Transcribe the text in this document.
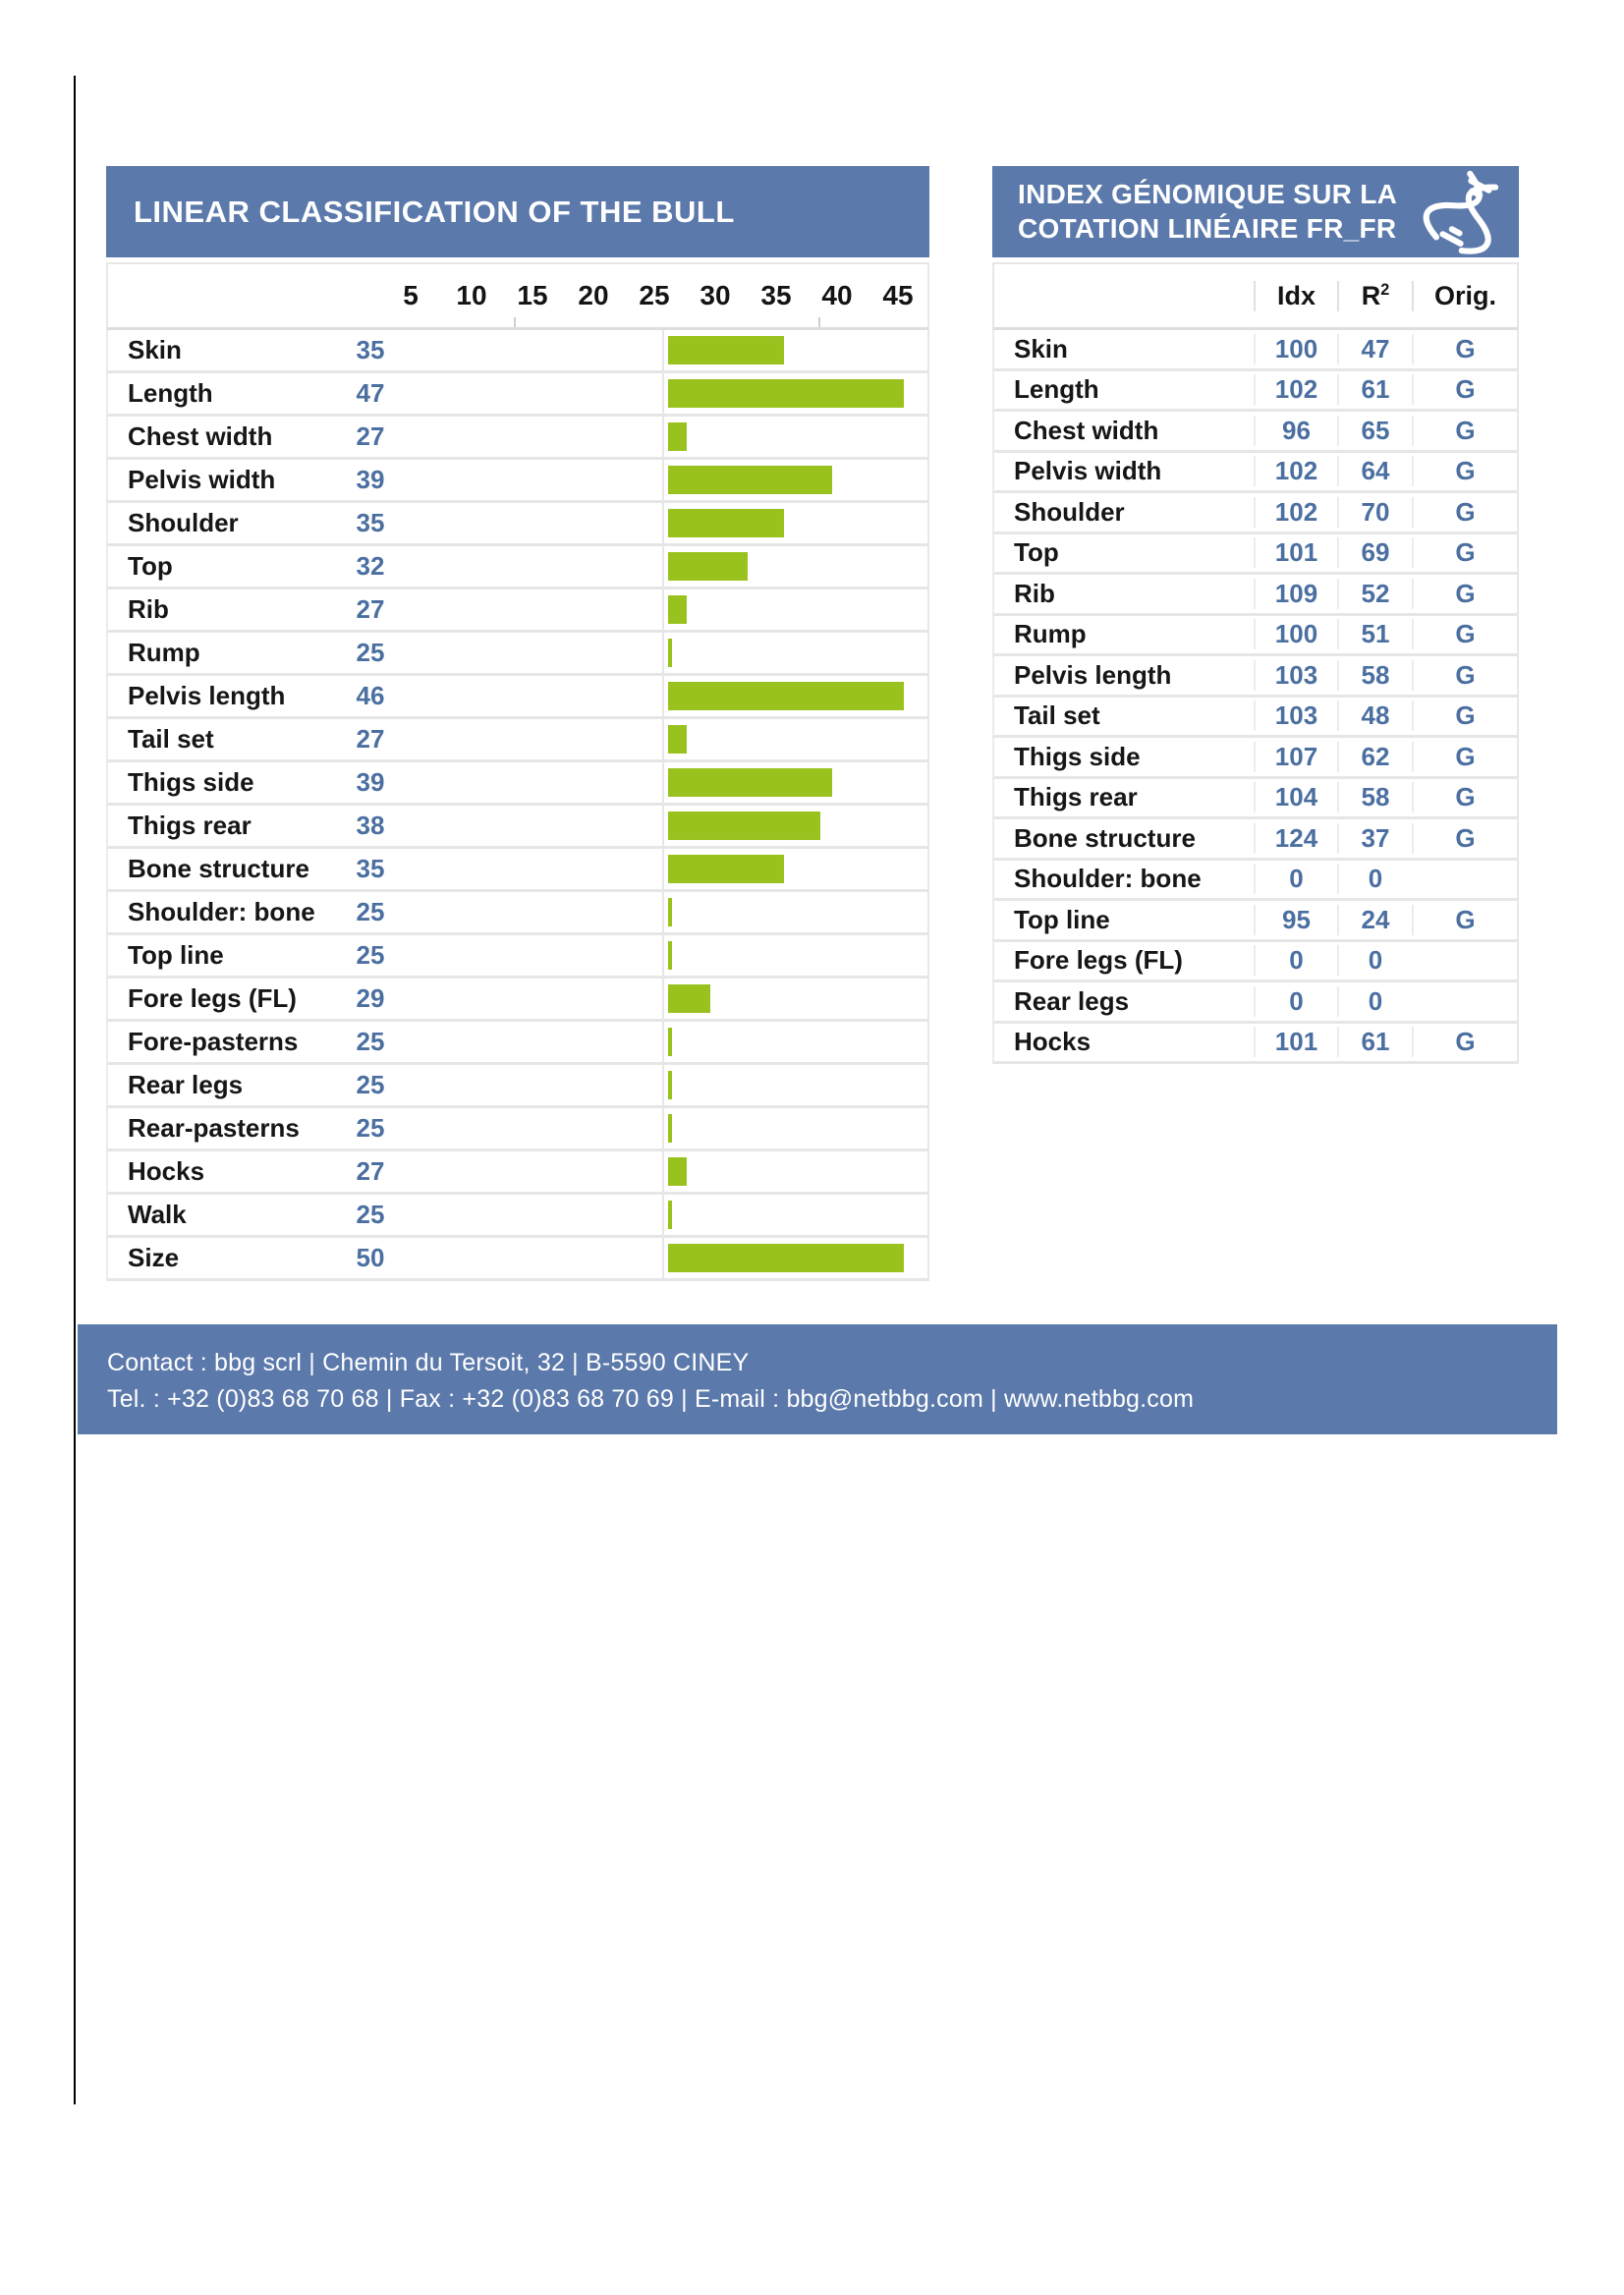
LINEAR CLASSIFICATION OF THE BULL
5	10	15	20	25	30	35	40	45
Skin	35
Length	47
Chest width	27
Pelvis width	39
Shoulder	35
Top	32
Rib	27
Rump	25
Pelvis length	46
Tail set	27
Thigs side	39
Thigs rear	38
Bone structure	35
Shoulder: bone	25
Top line	25
Fore legs (FL)	29
Fore-pasterns	25
Rear legs	25
Rear-pasterns	25
Hocks	27
Walk	25
Size	50
INDEX GÉNOMIQUE SUR LA
COTATION LINÉAIRE FR_FR
Idx	$R^2$	Orig.
Skin	100	47	G
Length	102	61	G
Chest width	96	65	G
Pelvis width	102	64	G
Shoulder	102	70	G
Top	101	69	G
Rib	109	52	G
Rump	100	51	G
Pelvis length	103	58	G
Tail set	103	48	G
Thigs side	107	62	G
Thigs rear	104	58	G
Bone structure	124	37	G
Shoulder: bone	0	0
Top line	95	24	G
Fore legs (FL)	0	0
Rear legs	0	0
Hocks	101	61	G
Contact : bbg scrl | Chemin du Tersoit, 32 | B-5590 CINEY
Tel. : +32 (0)83 68 70 68 | Fax : +32 (0)83 68 70 69 | E-mail : bbg@netbbg.com | www.netbbg.com
